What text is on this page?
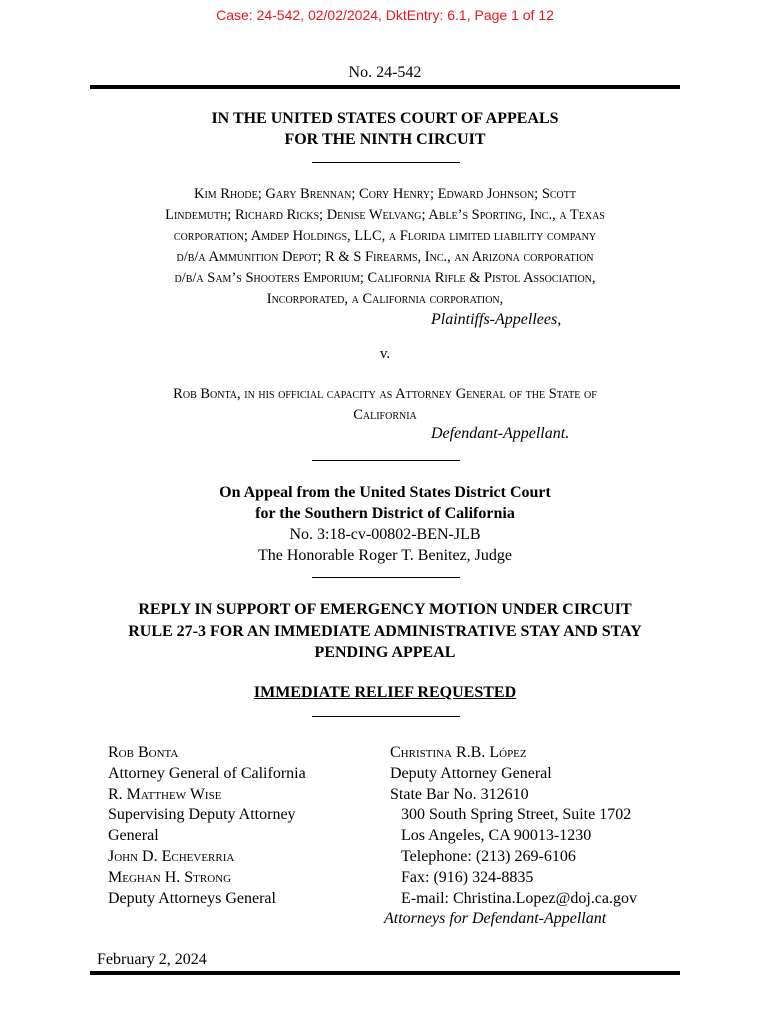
Case: 24-542, 02/02/2024, DktEntry: 6.1, Page 1 of 12
No. 24-542
IN THE UNITED STATES COURT OF APPEALS
FOR THE NINTH CIRCUIT
Kim Rhode; Gary Brennan; Cory Henry; Edward Johnson; Scott
Lindemuth; Richard Ricks; Denise Welvang; Able’s Sporting, Inc., a Texas
corporation; Amdep Holdings, LLC, a Florida limited liability company
d/b/a Ammunition Depot; R & S Firearms, Inc., an Arizona corporation
d/b/a Sam’s Shooters Emporium; California Rifle & Pistol Association,
Incorporated, a California corporation,
Plaintiffs-Appellees,
v.
Rob Bonta, in his official capacity as Attorney General of the State of
California
Defendant-Appellant.
On Appeal from the United States District Court
for the Southern District of California
No. 3:18-cv-00802-BEN-JLB
The Honorable Roger T. Benitez, Judge
REPLY IN SUPPORT OF EMERGENCY MOTION UNDER CIRCUIT
RULE 27-3 FOR AN IMMEDIATE ADMINISTRATIVE STAY AND STAY
PENDING APPEAL
IMMEDIATE RELIEF REQUESTED
Rob Bonta
Attorney General of California
R. Matthew Wise
Supervising Deputy Attorney
General
John D. Echeverria
Meghan H. Strong
Deputy Attorneys General
Christina R.B. López
Deputy Attorney General
State Bar No. 312610
300 South Spring Street, Suite 1702
Los Angeles, CA 90013-1230
Telephone: (213) 269-6106
Fax: (916) 324-8835
E-mail: Christina.Lopez@doj.ca.gov
Attorneys for Defendant-Appellant
February 2, 2024
